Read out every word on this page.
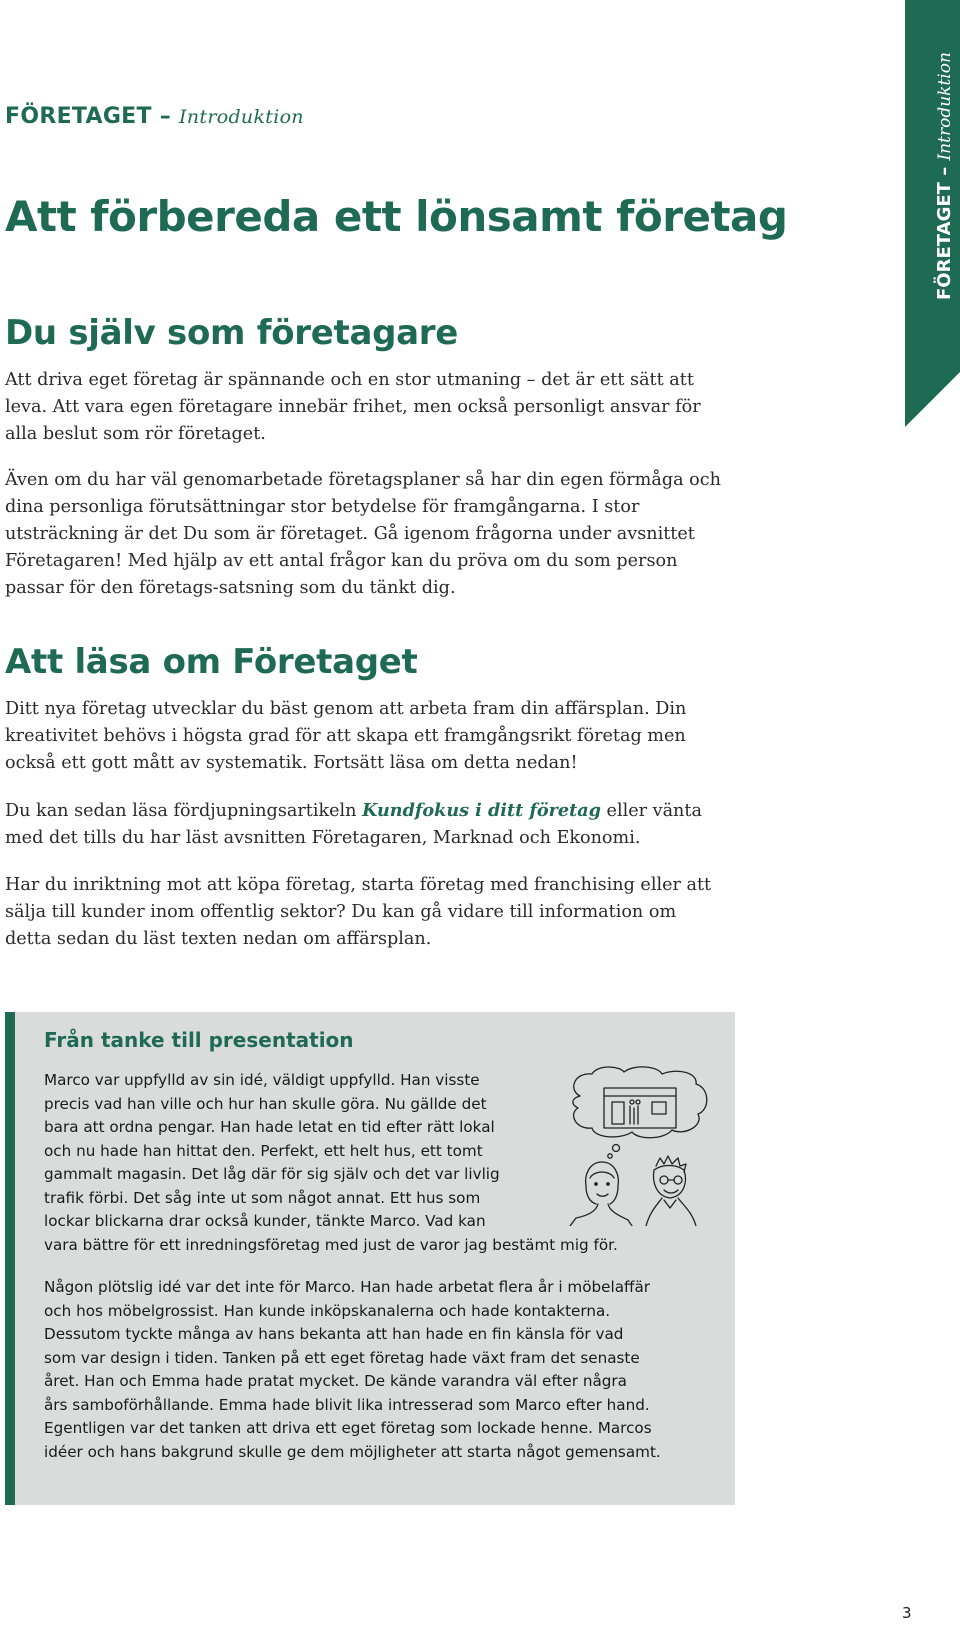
FÖRETAGET – Introduktion
FÖRETAGET – Introduktion
Att förbereda ett lönsamt företag
Du själv som företagare

Att driva eget företag är spännande och en stor utmaning – det är ett sätt att leva. Att vara egen företagare innebär frihet, men också personligt ansvar för alla beslut som rör företaget.

Även om du har väl genomarbetade företagsplaner så har din egen förmåga och dina personliga förutsättningar stor betydelse för framgångarna. I stor utsträckning är det Du som är företaget. Gå igenom frågorna under avsnittet Företagaren! Med hjälp av ett antal frågor kan du pröva om du som person passar för den företags-satsning som du tänkt dig.

Att läsa om Företaget

Ditt nya företag utvecklar du bäst genom att arbeta fram din affärsplan. Din kreativitet behövs i högsta grad för att skapa ett framgångsrikt företag men också ett gott mått av systematik. Fortsätt läsa om detta nedan!

Du kan sedan läsa fördjupningsartikeln Kundfokus i ditt företag eller vänta med det tills du har läst avsnitten Företagaren, Marknad och Ekonomi.

Har du inriktning mot att köpa företag, starta företag med franchising eller att sälja till kunder inom offentlig sektor? Du kan gå vidare till information om detta sedan du läst texten nedan om affärsplan.

Från tanke till presentation
Marco var uppfylld av sin idé, väldigt uppfylld. Han visste
precis vad han ville och hur han skulle göra. Nu gällde det
bara att ordna pengar. Han hade letat en tid efter rätt lokal
och nu hade han hittat den. Perfekt, ett helt hus, ett tomt
gammalt magasin. Det låg där för sig själv och det var livlig
trafik förbi. Det såg inte ut som något annat. Ett hus som
lockar blickarna drar också kunder, tänkte Marco. Vad kan
vara bättre för ett inredningsföretag med just de varor jag bestämt mig för.
Någon plötslig idé var det inte för Marco. Han hade arbetat flera år i möbelaffär
och hos möbelgrossist. Han kunde inköpskanalerna och hade kontakterna.
Dessutom tyckte många av hans bekanta att han hade en fin känsla för vad
som var design i tiden. Tanken på ett eget företag hade växt fram det senaste
året. Han och Emma hade pratat mycket. De kände varandra väl efter några
års samboförhållande. Emma hade blivit lika intresserad som Marco efter hand.
Egentligen var det tanken att driva ett eget företag som lockade henne. Marcos
idéer och hans bakgrund skulle ge dem möjligheter att starta något gemensamt.
3
